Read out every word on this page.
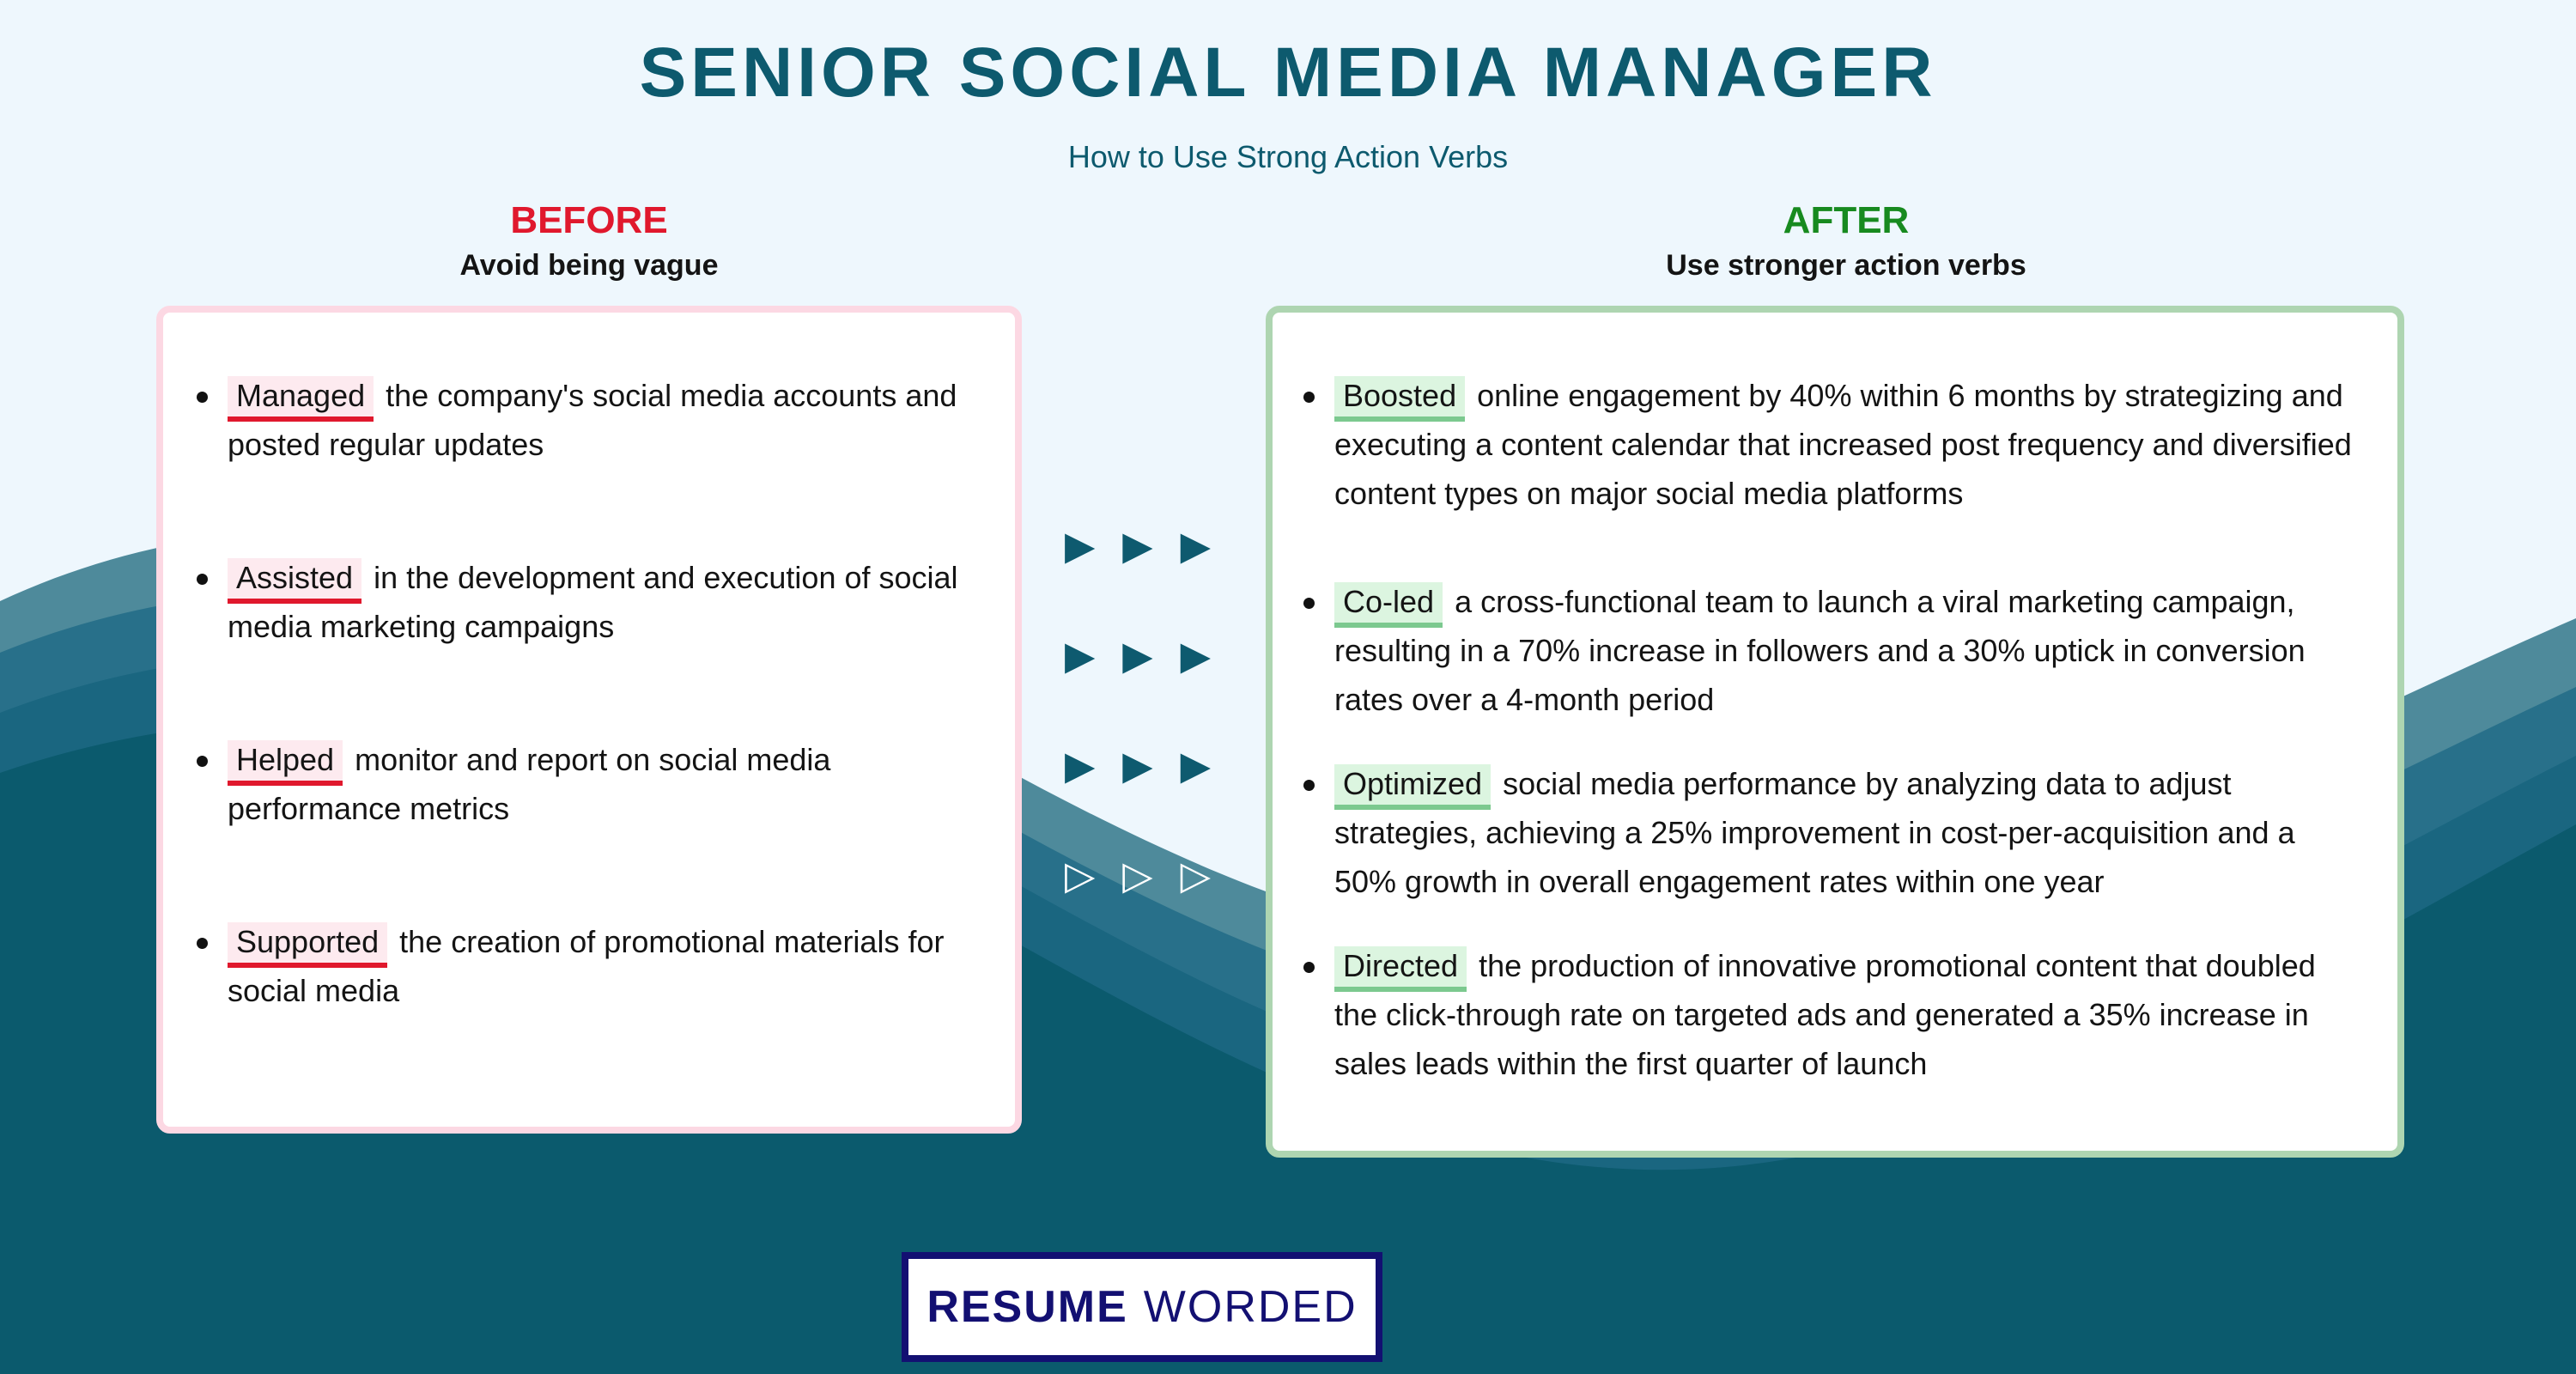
SENIOR SOCIAL MEDIA MANAGER
How to Use Strong Action Verbs
BEFORE
Avoid being vague
AFTER
Use stronger action verbs
Managed the company's social media accounts and posted regular updates
Assisted in the development and execution of social media marketing campaigns
Helped monitor and report on social media performance metrics
Supported the creation of promotional materials for social media
Boosted online engagement by 40% within 6 months by strategizing and executing a content calendar that increased post frequency and diversified content types on major social media platforms
Co-led a cross-functional team to launch a viral marketing campaign, resulting in a 70% increase in followers and a 30% uptick in conversion rates over a 4-month period
Optimized social media performance by analyzing data to adjust strategies, achieving a 25% improvement in cost-per-acquisition and a 50% growth in overall engagement rates within one year
Directed the production of innovative promotional content that doubled the click-through rate on targeted ads and generated a 35% increase in sales leads within the first quarter of launch
▶ ▶ ▶
▶ ▶ ▶
▶ ▶ ▶
▷ ▷ ▷
RESUME WORDED
